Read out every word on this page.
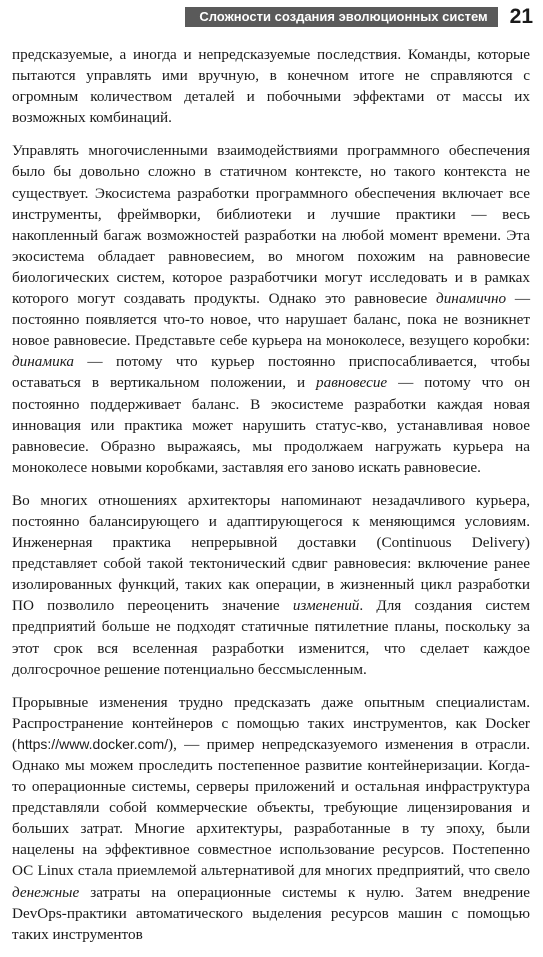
Сложности создания эволюционных систем	21

предсказуемые, а иногда и непредсказуемые последствия. Команды, которые пытаются управлять ими вручную, в конечном итоге не справляются с огромным количеством деталей и побочными эффектами от массы их возможных комбинаций.

Управлять многочисленными взаимодействиями программного обеспечения было бы довольно сложно в статичном контексте, но такого контекста не существует. Экосистема разработки программного обеспечения включает все инструменты, фреймворки, библиотеки и лучшие практики — весь накопленный багаж возможностей разработки на любой момент времени. Эта экосистема обладает равновесием, во многом похожим на равновесие биологических систем, которое разработчики могут исследовать и в рамках которого могут создавать продукты. Однако это равновесие динамично — постоянно появляется что-то новое, что нарушает баланс, пока не возникнет новое равновесие. Представьте себе курьера на моноколесе, везущего коробки: динамика — потому что курьер постоянно приспосабливается, чтобы оставаться в вертикальном положении, и равновесие — потому что он постоянно поддерживает баланс. В экосистеме разработки каждая новая инновация или практика может нарушить статус-кво, устанавливая новое равновесие. Образно выражаясь, мы продолжаем нагружать курьера на моноколесе новыми коробками, заставляя его заново искать равновесие.

Во многих отношениях архитекторы напоминают незадачливого курьера, постоянно балансирующего и адаптирующегося к меняющимся условиям. Инженерная практика непрерывной доставки (Continuous Delivery) представляет собой такой тектонический сдвиг равновесия: включение ранее изолированных функций, таких как операции, в жизненный цикл разработки ПО позволило переоценить значение изменений. Для создания систем предприятий больше не подходят статичные пятилетние планы, поскольку за этот срок вся вселенная разработки изменится, что сделает каждое долгосрочное решение потенциально бессмысленным.

Прорывные изменения трудно предсказать даже опытным специалистам. Распространение контейнеров с помощью таких инструментов, как Docker (https://www.docker.com/), — пример непредсказуемого изменения в отрасли. Однако мы можем проследить постепенное развитие контейнеризации. Когда-то операционные системы, серверы приложений и остальная инфраструктура представляли собой коммерческие объекты, требующие лицензирования и больших затрат. Многие архитектуры, разработанные в ту эпоху, были нацелены на эффективное совместное использование ресурсов. Постепенно ОС Linux стала приемлемой альтернативой для многих предприятий, что свело денежные затраты на операционные системы к нулю. Затем внедрение DevOps-практики автоматического выделения ресурсов машин с помощью таких инструментов
